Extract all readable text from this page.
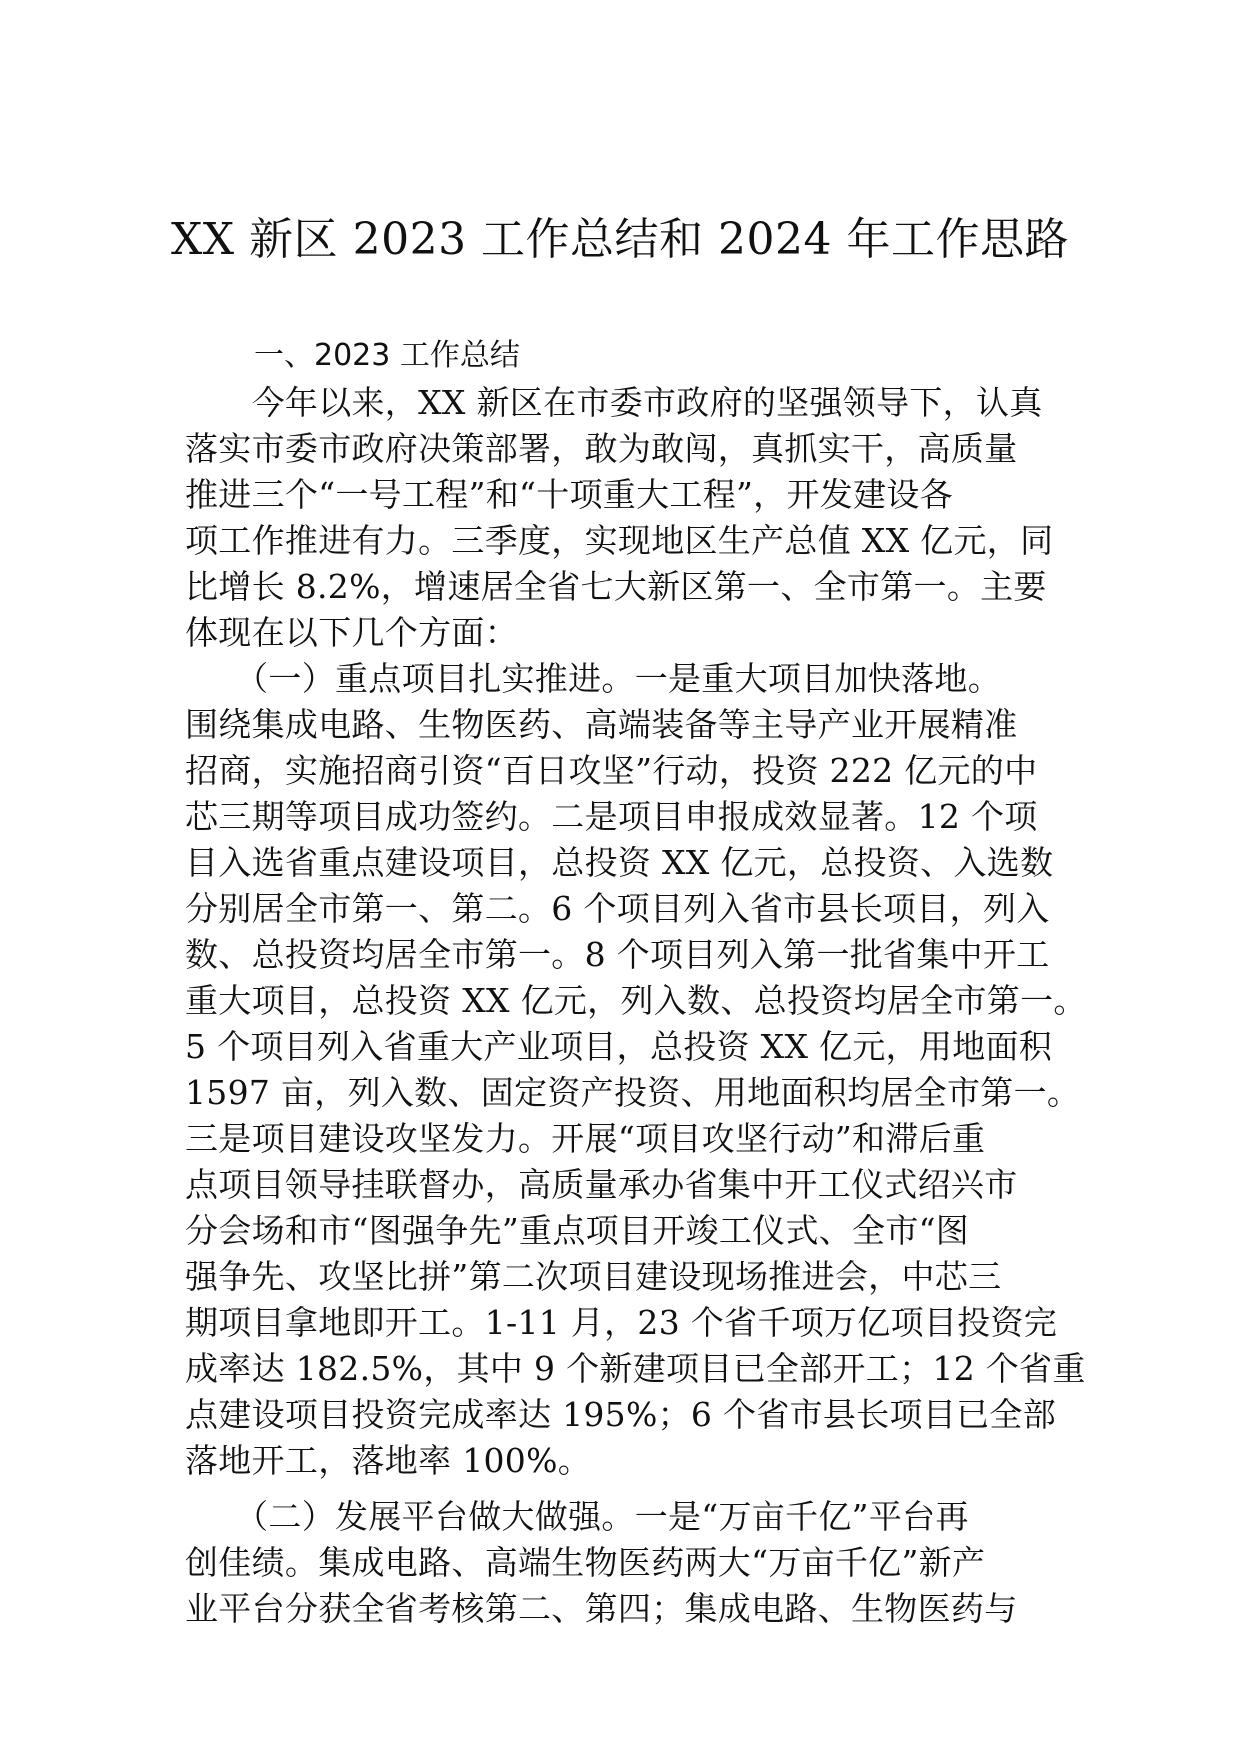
XX 新区 2023 工作总结和 2024 年工作思路
一、2023 工作总结
　　今年以来，XX 新区在市委市政府的坚强领导下，认真
落实市委市政府决策部署，敢为敢闯，真抓实干，高质量
推进三个“一号工程”和“十项重大工程”，开发建设各
项工作推进有力。三季度，实现地区生产总值 XX 亿元，同
比增长 8.2%，增速居全省七大新区第一、全市第一。主要
体现在以下几个方面：
　　（一）重点项目扎实推进。一是重大项目加快落地。
围绕集成电路、生物医药、高端装备等主导产业开展精准
招商，实施招商引资“百日攻坚”行动，投资 222 亿元的中
芯三期等项目成功签约。二是项目申报成效显著。12 个项
目入选省重点建设项目，总投资 XX 亿元，总投资、入选数
分别居全市第一、第二。6 个项目列入省市县长项目，列入
数、总投资均居全市第一。8 个项目列入第一批省集中开工
重大项目，总投资 XX 亿元，列入数、总投资均居全市第一。
5 个项目列入省重大产业项目，总投资 XX 亿元，用地面积
1597 亩，列入数、固定资产投资、用地面积均居全市第一。
三是项目建设攻坚发力。开展“项目攻坚行动”和滞后重
点项目领导挂联督办，高质量承办省集中开工仪式绍兴市
分会场和市“图强争先”重点项目开竣工仪式、全市“图
强争先、攻坚比拼”第二次项目建设现场推进会，中芯三
期项目拿地即开工。1-11 月，23 个省千项万亿项目投资完
成率达 182.5%，其中 9 个新建项目已全部开工；12 个省重
点建设项目投资完成率达 195%；6 个省市县长项目已全部
落地开工，落地率 100%。
　　（二）发展平台做大做强。一是“万亩千亿”平台再
创佳绩。集成电路、高端生物医药两大“万亩千亿”新产
业平台分获全省考核第二、第四；集成电路、生物医药与
